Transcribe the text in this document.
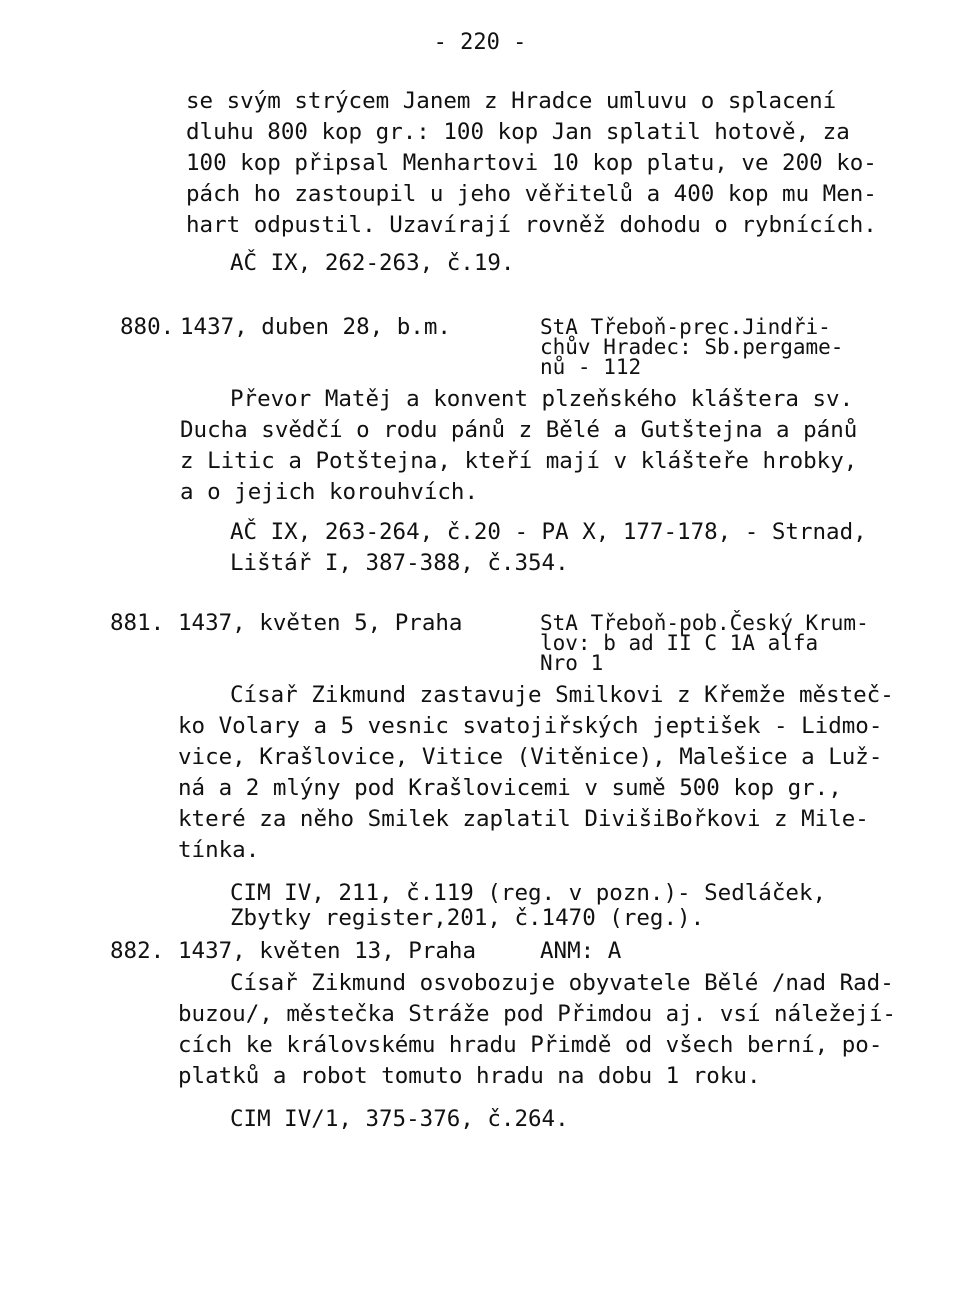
- 220 -
se svým strýcem Janem z Hradce umluvu o splacení
dluhu 800 kop gr.: 100 kop Jan splatil hotově, za
100 kop připsal Menhartovi 10 kop platu, ve 200 ko-
pách ho zastoupil u jeho věřitelů a 400 kop mu Men-
hart odpustil. Uzavírají rovněž dohodu o rybnících.
AČ IX, 262-263, č.19.
880. 1437, duben 28, b.m.	StA Třeboň-prec.Jindři-
chův Hradec: Sb.pergame-
nů - 112
Převor Matěj a konvent plzeňského kláštera sv.
Ducha svědčí o rodu pánů z Bělé a Gutštejna a pánů
z Litic a Potštejna, kteří mají v klášteře hrobky,
a o jejich korouhvích.
AČ IX, 263-264, č.20 - PA X, 177-178, - Strnad,
Lištář I, 387-388, č.354.
881. 1437, květen 5, Praha	StA Třeboň-pob.Český Krum-
lov: b ad II C 1A alfa
Nro 1
Císař Zikmund zastavuje Smilkovi z Křemže městeč-
ko Volary a 5 vesnic svatojiřských jeptišek - Lidmo-
vice, Krašlovice, Vitice (Vitěnice), Malešice a Luž-
ná a 2 mlýny pod Krašlovicemi v sumě 500 kop gr.,
které za něho Smilek zaplatil DivišiBořkovi z Mile-
tínka.
CIM IV, 211, č.119 (reg. v pozn.)- Sedláček,
Zbytky register,201, č.1470 (reg.).
882. 1437, květen 13, Praha	ANM: A
Císař Zikmund osvobozuje obyvatele Bělé /nad Rad-
buzou/, městečka Stráže pod Přimdou aj. vsí náležejí-
cích ke královskému hradu Přimdě od všech berní, po-
platků a robot tomuto hradu na dobu 1 roku.
CIM IV/1, 375-376, č.264.
